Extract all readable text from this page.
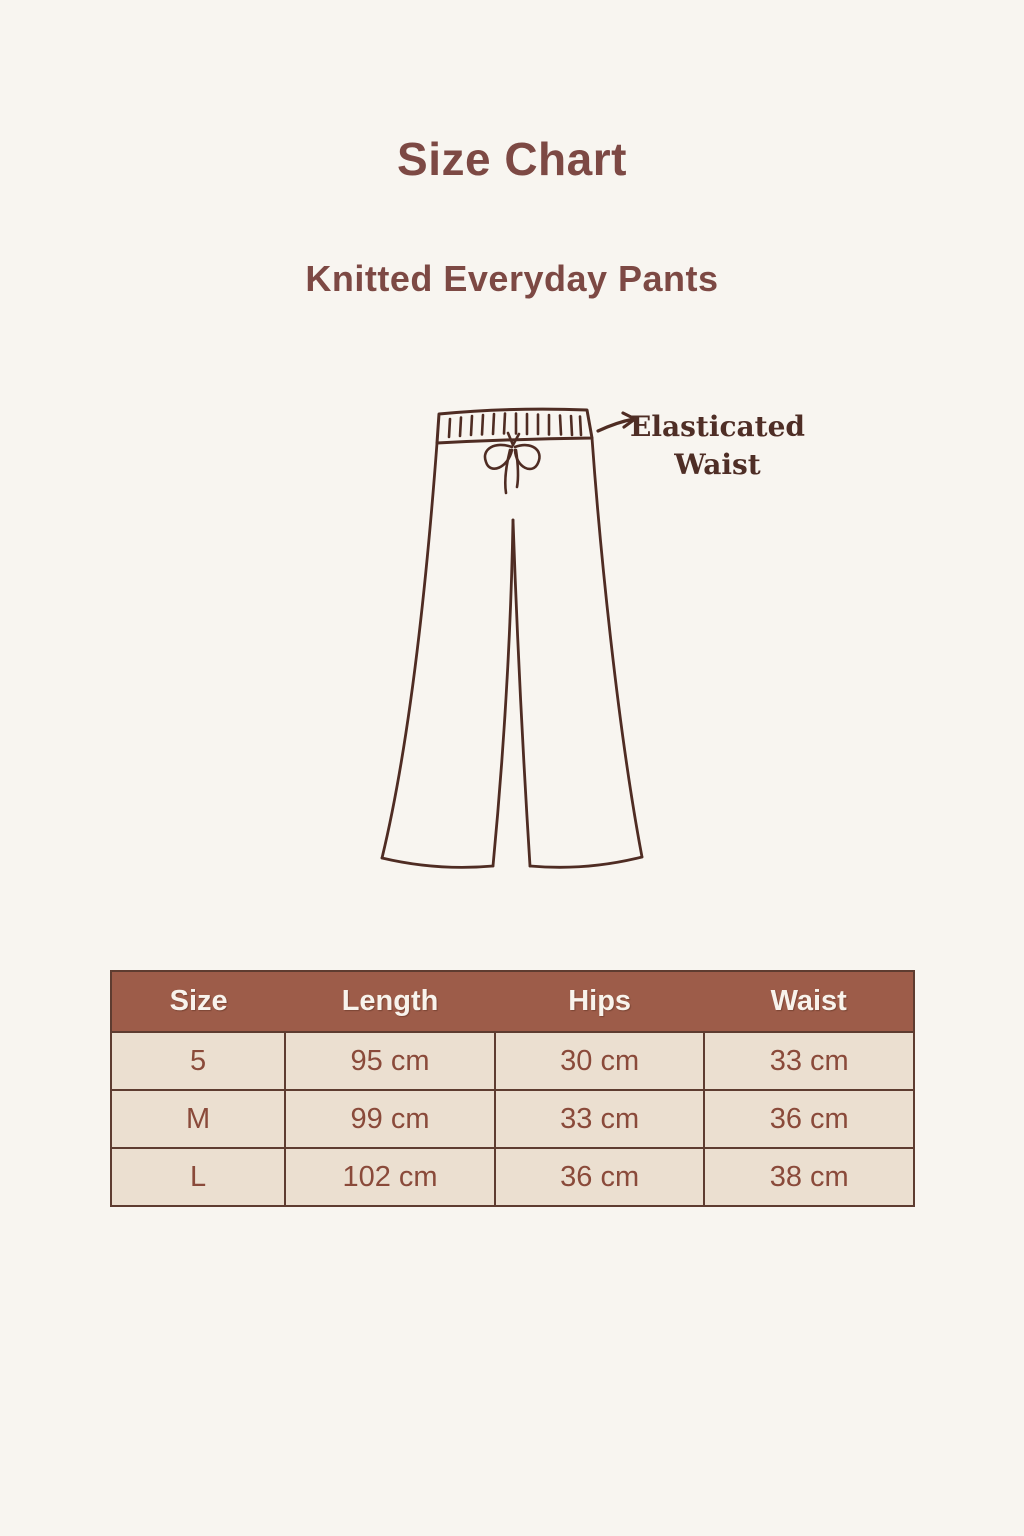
Size Chart
Knitted Everyday Pants
Elasticated
Waist
Size	Length	Hips	Waist
5	95 cm	30 cm	33 cm
M	99 cm	33 cm	36 cm
L	102 cm	36 cm	38 cm
